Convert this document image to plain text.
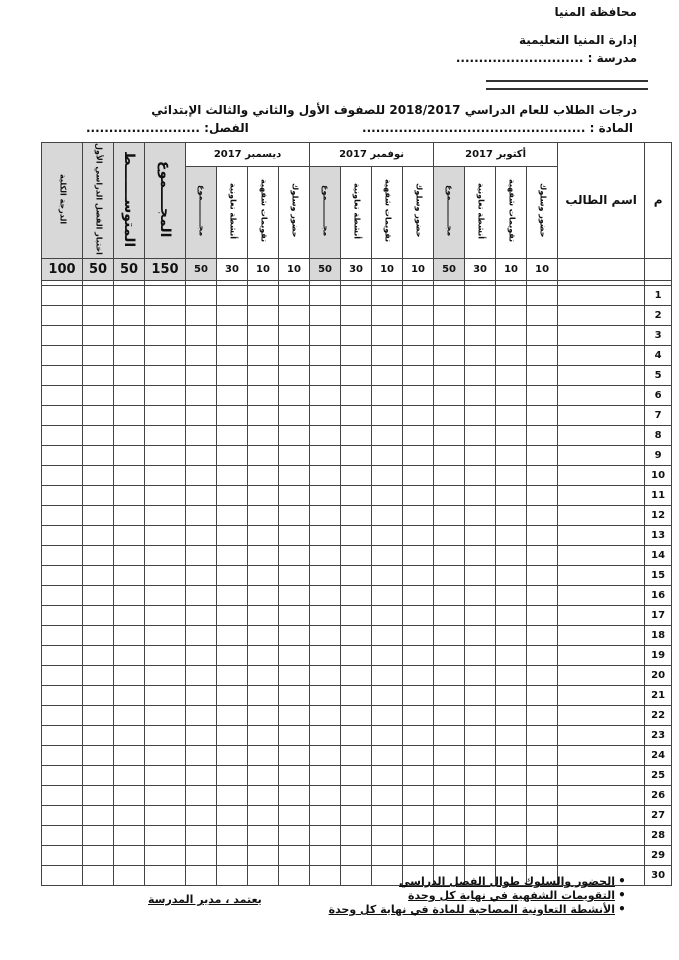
محافظة المنيا
إدارة المنيا التعليمية
مدرسة : ............................
درجات الطلاب للعام الدراسي 2018/2017 للصفوف الأول والثاني والثالث الإبتدائي
المادة : .................................................
الفصل: .........................
الدرجة الكلية	اختبار الفصل الدراسي الأول	المتوســـــــط	المجــــموع	ديسمبر 2017				نوفمبر 2017				أكتوبر 2017				اسم الطالب	م
				مجـــــــــموع	أنشطة تعاونية	تقويمات شفهية	حضور وسلوك	مجـــــــــموع	أنشطة تعاونية	تقويمات شفهية	حضور وسلوك	مجـــــــــموع	أنشطة تعاونية	تقويمات شفهية	حضور وسلوك		
100	50	50	150	50	30	10	10	50	30	10	10	50	30	10	10		

																	1
																	2
																	3
																	4
																	5
																	6
																	7
																	8
																	9
																	10
																	11
																	12
																	13
																	14
																	15
																	16
																	17
																	18
																	19
																	20
																	21
																	22
																	23
																	24
																	25
																	26
																	27
																	28
																	29
																	30
•الحضور والسلوك طوال الفصل الدراسي
•التقويمات الشفهية في نهاية كل وحدة
•الأنشطة التعاونية المصاحبة للمادة في نهاية كل وحدة
يعتمد ، مدير المدرسة
